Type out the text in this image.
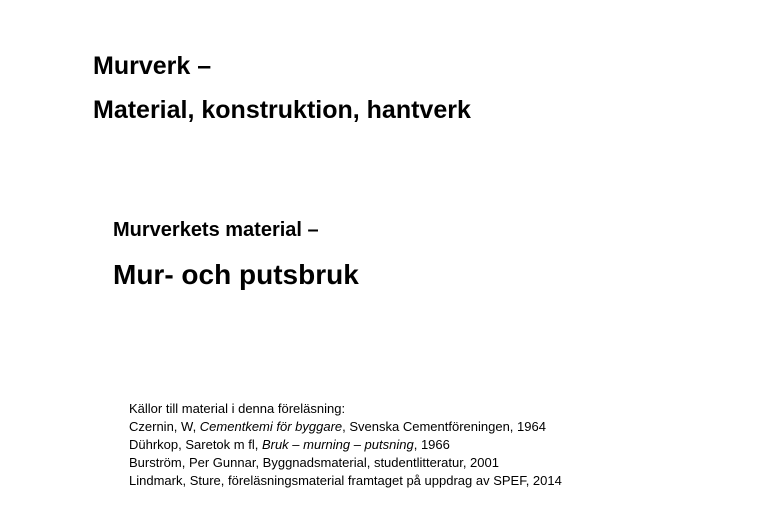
Murverk –
Material, konstruktion, hantverk
Murverkets material –
Mur- och putsbruk
Källor till material i denna föreläsning:
Czernin, W, Cementkemi för byggare, Svenska Cementföreningen, 1964
Dührkop, Saretok m fl, Bruk – murning – putsning, 1966
Burström, Per Gunnar, Byggnadsmaterial, studentlitteratur, 2001
Lindmark, Sture, föreläsningsmaterial framtaget på uppdrag av SPEF, 2014
